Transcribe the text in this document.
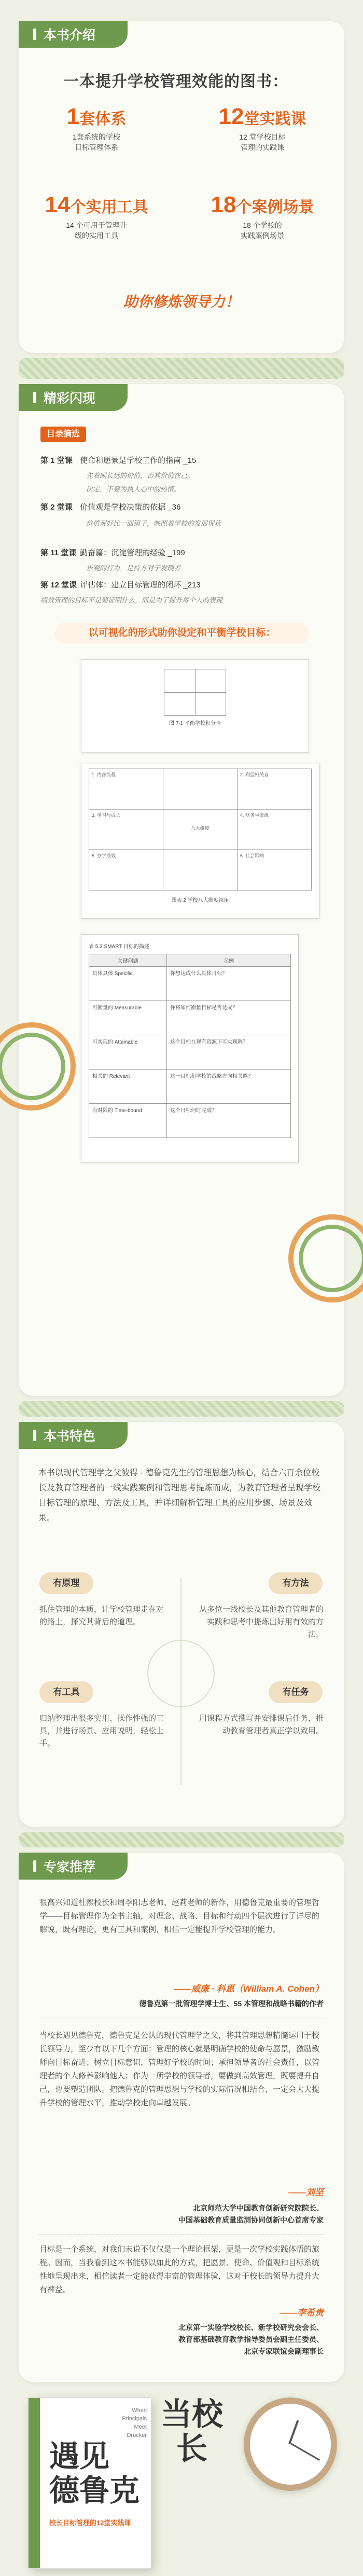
本书介绍
一本提升学校管理效能的图书：
1套体系
1套系统的学校
目标管理体系
12堂实践课
12 堂学校目标
管理的实践课
14个实用工具
14 个可用于管理升
级的实用工具
18个案例场景
18 个学校的
实践案例场景
助你修炼领导力！
精彩闪现
目录摘选
第 1 堂课 使命和愿景是学校工作的指南 _15
先着眼长远的价值，否其价值在己。
决定，不要为执人心中的热情。
第 2 堂课 价值观是学校决策的依据 _36
价值观好比一面镜子，映照着学校的发展现状
第 11 堂课 勤奋篇：沉淀管理的经验 _199
乐观的行为，是持方对于发现者
第 12 堂课 评估体：建立目标管理的闭环 _213
绩效管理的目标不是要证明什么，而是为了提升每个人的表现
以可视化的形式助你设定和平衡学校目标：
图 7-1 平衡学校积分卡
1. 内部流程	2. 利益相关者
3. 学习与成长
八大维度
4. 财务与资源
5. 办学成效	6. 社会影响
图表 2 学校八大维度视角
表 5.3 SMART 目标的描述
关键问题	示例
具体具体 Specific	你想达成什么具体目标？
可衡量的 Measurable	你将如何衡量目标是否达成？
可实现的 Attainable	这个目标在现有资源下可实现吗？
相关的 Relevant	这一目标和学校的战略方向相关吗？
有时限的 Time-bound	这个目标何时完成？
本书特色
本书以现代管理学之父彼得 · 德鲁克先生的管理思想为核心，结合六百余位校长及教育管理者的一线实践案例和管理思考提炼而成，为教育管理者呈现学校目标管理的原理、方法及工具，并详细解析管理工具的应用步骤、场景及效果。
有原理
抓住管理的本质，让学校管理走在对的路上，探究其背后的道理。
有方法
从多位一线校长及其他教育管理者的实践和思考中提炼出好用有效的方法。
有工具
归纳整理出很多实用、操作性强的工具，并进行场景、应用说明，轻松上手。
有任务
用课程方式撰写并安排课后任务，推动教育管理者真正学以致用。
专家推荐
很高兴知道杜熙校长和周季阳志老师、赵莉老师的新作，用德鲁克最重要的管理哲学——目标管理作为全书主轴，对理念、战略、目标和行动四个层次进行了详尽的解说，既有理论，更有工具和案例，相信一定能提升学校管理的能力。
——威廉 · 科恩（William A. Cohen）
德鲁克第一批管理学博士生、55 本管理和战略书籍的作者
当校长遇见德鲁克，德鲁克是公认的现代管理学之父，将其管理思想精髓运用于校长领导力，至少有以下几个方面：管理的核心就是明确学校的使命与愿景，激励教师向目标奋进；树立目标意识，管理好学校的时间；承担领导者的社会责任，以管理者的个人修养影响他人；作为一所学校的领导者，要做到高效管理，既要提升自己，也要塑造团队。把德鲁克的管理思想与学校的实际情况相结合，一定会大大提升学校的管理水平，推动学校走向卓越发展。
——刘坚
北京师范大学中国教育创新研究院院长、
中国基础教育质量监测协同创新中心首席专家
目标是一个系统，对我们未说不仅仅是一个理论框架，更是一次学校实践体悟的旅程。因而，当我看到这本书能够以如此的方式，把愿景、使命、价值观和目标系统性地呈现出来，相信读者一定能获得丰富的管理体验，这对于校长的领导力提升大有裨益。
——李希贵
北京第一实验学校校长、新学校研究会会长、
教育部基础教育教学指导委员会副主任委员、
北京专家联谊会副理事长
When Principals Meet Drucker
遇见
德鲁克
校长目标管理的12堂实践课
当校
长
